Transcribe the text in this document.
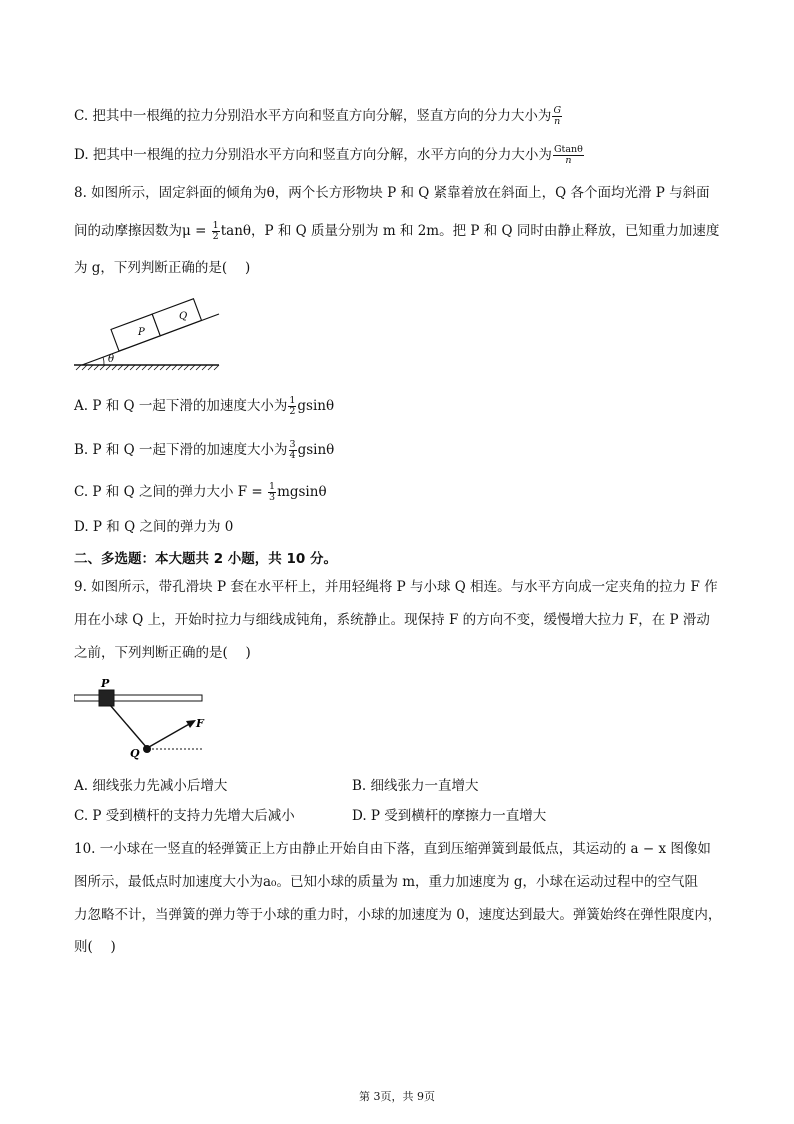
C. 把其中一根绳的拉力分别沿水平方向和竖直方向分解，竖直方向的分力大小为 $\frac{G}{n}$
D. 把其中一根绳的拉力分别沿水平方向和竖直方向分解，水平方向的分力大小为 $\frac{Gtan\theta}{n}$
8. 如图所示，固定斜面的倾角为θ，两个长方形物块 P 和 Q 紧靠着放在斜面上，Q 各个面均光滑 P 与斜面
间的动摩擦因数为$\mu = \frac{1}{2}$ tanθ，P 和 Q 质量分别为 m 和 2m。把 P 和 Q 同时由静止释放，已知重力加速度
为 g，下列判断正确的是(　 )
θ
P
Q
A. P 和 Q 一起下滑的加速度大小为 $\frac{1}{2}$ gsinθ
B. P 和 Q 一起下滑的加速度大小为 $\frac{3}{4}$ gsinθ
C. P 和 Q 之间的弹力大小 $F = \frac{1}{3}$ mgsinθ
D. P 和 Q 之间的弹力为 0
二、多选题：本大题共 2 小题，共 10 分。
9. 如图所示，带孔滑块 P 套在水平杆上，并用轻绳将 P 与小球 Q 相连。与水平方向成一定夹角的拉力 F 作
用在小球 Q 上，开始时拉力与细线成钝角，系统静止。现保持 F 的方向不变，缓慢增大拉力 F，在 P 滑动
之前，下列判断正确的是(　 )
P
Q
F
A. 细线张力先减小后增大	B. 细线张力一直增大
C. P 受到横杆的支持力先增大后减小	D. P 受到横杆的摩擦力一直增大
10. 一小球在一竖直的轻弹簧正上方由静止开始自由下落，直到压缩弹簧到最低点，其运动的 a − x 图像如
图所示，最低点时加速度大小为a₀。已知小球的质量为 m，重力加速度为 g，小球在运动过程中的空气阻
力忽略不计，当弹簧的弹力等于小球的重力时，小球的加速度为 0，速度达到最大。弹簧始终在弹性限度内，
则(　 )
第 3页，共 9页
